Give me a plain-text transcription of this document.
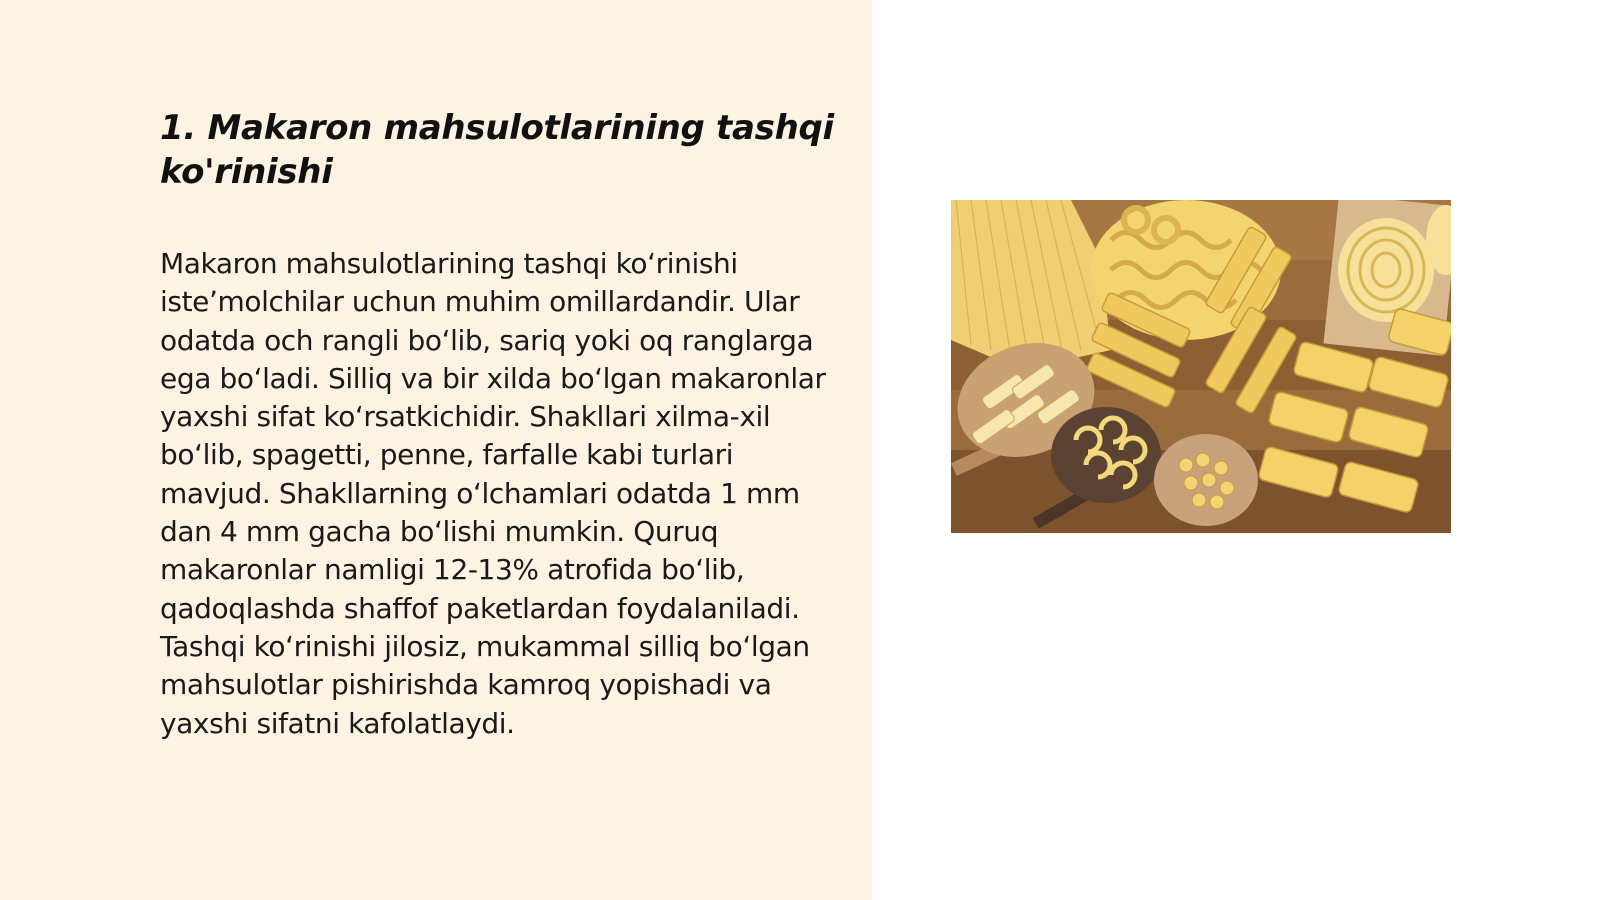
1. Makaron mahsulotlarining tashqi ko'rinishi

Makaron mahsulotlarining tashqi koʻrinishi isteʼmolchilar uchun muhim omillardandir. Ular odatda och rangli boʻlib, sariq yoki oq ranglarga ega boʻladi. Silliq va bir xilda boʻlgan makaronlar yaxshi sifat koʻrsatkichidir. Shakllari xilma-xil boʻlib, spagetti, penne, farfalle kabi turlari mavjud. Shakllarning oʻlchamlari odatda 1 mm dan 4 mm gacha boʻlishi mumkin. Quruq makaronlar namligi 12-13% atrofida boʻlib, qadoqlashda shaffof paketlardan foydalaniladi. Tashqi koʻrinishi jilosiz, mukammal silliq boʻlgan mahsulotlar pishirishda kamroq yopishadi va yaxshi sifatni kafolatlaydi.
